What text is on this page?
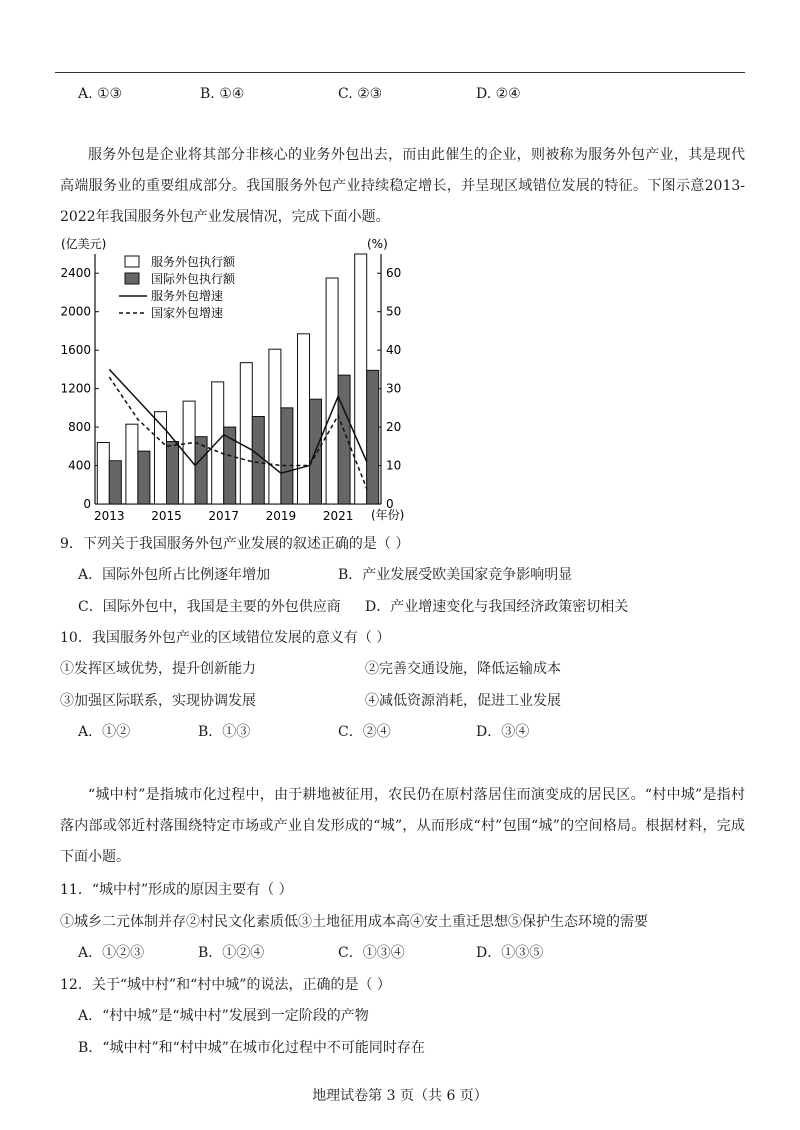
A. ①③	B. ①④	C. ②③	D. ②④
服务外包是企业将其部分非核心的业务外包出去，而由此催生的企业，则被称为服务外包产业，其是现代高端服务业的重要组成部分。我国服务外包产业持续稳定增长，并呈现区域错位发展的特征。下图示意2013-2022年我国服务外包产业发展情况，完成下面小题。
(亿美元)	(%)
(年份)
0
400
800
1200
1600
2000
2400
0
10
20
30
40
50
60
2013 2015 2017 2019 2021
服务外包执行额
国际外包执行额
服务外包增速
国家外包增速
9．下列关于我国服务外包产业发展的叙述正确的是（ ）
A．国际外包所占比例逐年增加	B．产业发展受欧美国家竞争影响明显
C．国际外包中，我国是主要的外包供应商 D．产业增速变化与我国经济政策密切相关
10．我国服务外包产业的区域错位发展的意义有（ ）
①发挥区域优势，提升创新能力	②完善交通设施，降低运输成本
③加强区际联系，实现协调发展	④减低资源消耗，促进工业发展
A．①②	B．①③	C．②④	D．③④
“城中村”是指城市化过程中，由于耕地被征用，农民仍在原村落居住而演变成的居民区。“村中城”是指村落内部或邻近村落围绕特定市场或产业自发形成的“城”，从而形成“村”包围“城”的空间格局。根据材料，完成下面小题。
11．“城中村”形成的原因主要有（ ）
①城乡二元体制并存②村民文化素质低③土地征用成本高④安土重迁思想⑤保护生态环境的需要
A．①②③	B．①②④	C．①③④	D．①③⑤
12．关于“城中村”和“村中城”的说法，正确的是（ ）
A．“村中城”是“城中村”发展到一定阶段的产物
B．“城中村”和“村中城”在城市化过程中不可能同时存在
地理试卷第 3 页（共 6 页）
